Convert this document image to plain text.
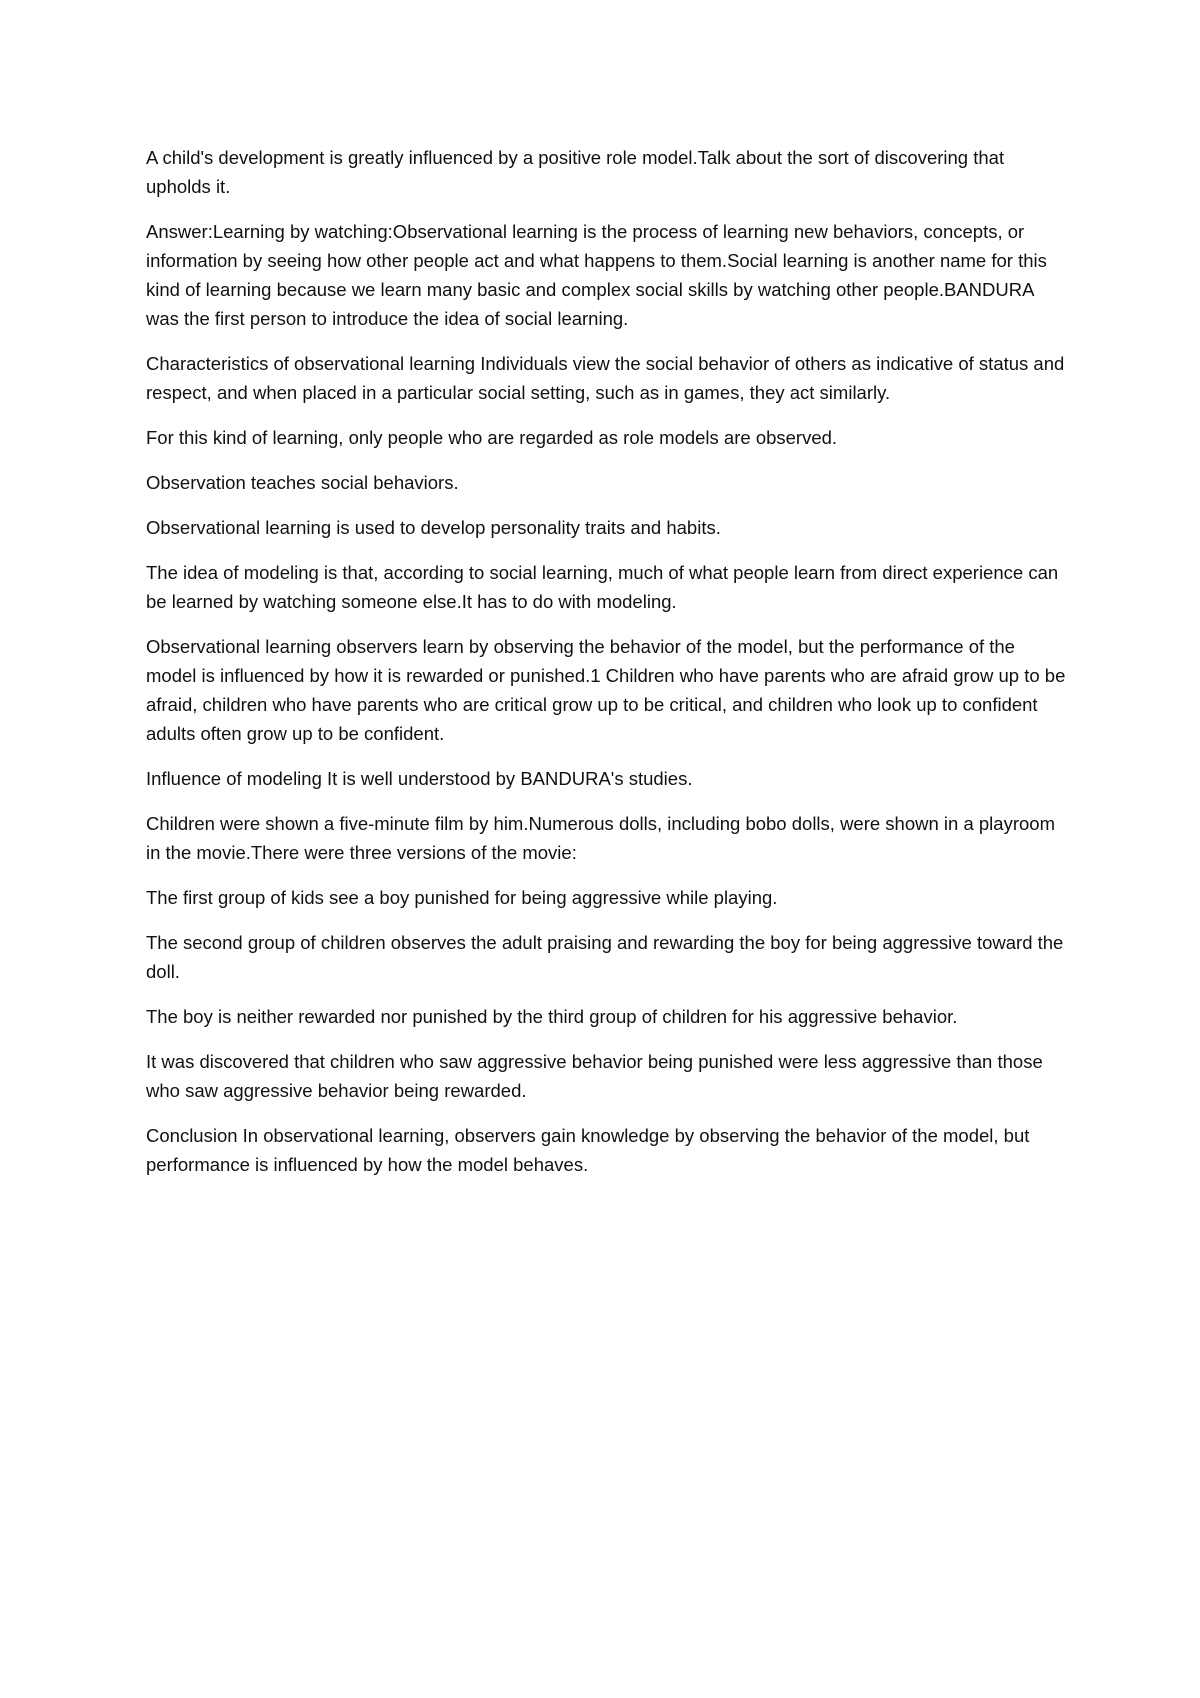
A child's development is greatly influenced by a positive role model.Talk about the sort of discovering that upholds it.

Answer:Learning by watching:Observational learning is the process of learning new behaviors, concepts, or information by seeing how other people act and what happens to them.Social learning is another name for this kind of learning because we learn many basic and complex social skills by watching other people.BANDURA was the first person to introduce the idea of social learning.

Characteristics of observational learning Individuals view the social behavior of others as indicative of status and respect, and when placed in a particular social setting, such as in games, they act similarly.

For this kind of learning, only people who are regarded as role models are observed.

Observation teaches social behaviors.

Observational learning is used to develop personality traits and habits.

The idea of modeling is that, according to social learning, much of what people learn from direct experience can be learned by watching someone else.It has to do with modeling.

Observational learning observers learn by observing the behavior of the model, but the performance of the model is influenced by how it is rewarded or punished.1 Children who have parents who are afraid grow up to be afraid, children who have parents who are critical grow up to be critical, and children who look up to confident adults often grow up to be confident.

Influence of modeling It is well understood by BANDURA's studies.

Children were shown a five-minute film by him.Numerous dolls, including bobo dolls, were shown in a playroom in the movie.There were three versions of the movie:

The first group of kids see a boy punished for being aggressive while playing.

The second group of children observes the adult praising and rewarding the boy for being aggressive toward the doll.

The boy is neither rewarded nor punished by the third group of children for his aggressive behavior.

It was discovered that children who saw aggressive behavior being punished were less aggressive than those who saw aggressive behavior being rewarded.

Conclusion In observational learning, observers gain knowledge by observing the behavior of the model, but performance is influenced by how the model behaves.
